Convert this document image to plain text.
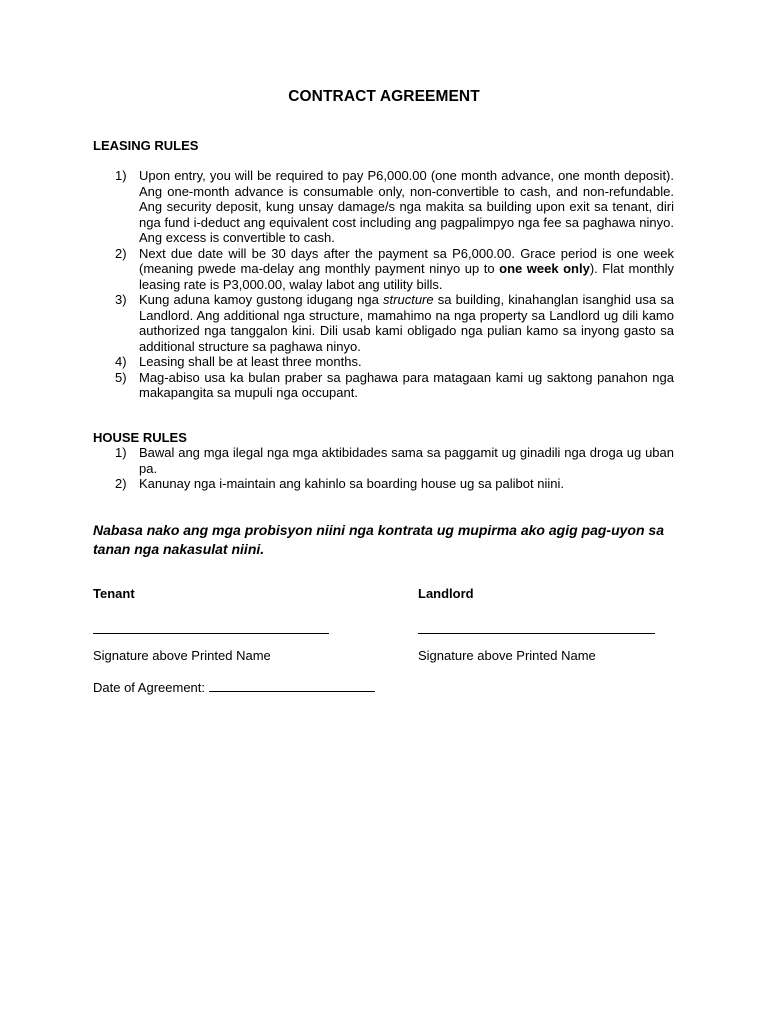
CONTRACT AGREEMENT
LEASING RULES
1) Upon entry, you will be required to pay P6,000.00 (one month advance, one month deposit). Ang one-month advance is consumable only, non-convertible to cash, and non-refundable. Ang security deposit, kung unsay damage/s nga makita sa building upon exit sa tenant, diri nga fund i-deduct ang equivalent cost including ang pagpalimpyo nga fee sa paghawa ninyo. Ang excess is convertible to cash.
2) Next due date will be 30 days after the payment sa P6,000.00. Grace period is one week (meaning pwede ma-delay ang monthly payment ninyo up to one week only). Flat monthly leasing rate is P3,000.00, walay labot ang utility bills.
3) Kung aduna kamoy gustong idugang nga structure sa building, kinahanglan isanghid usa sa Landlord. Ang additional nga structure, mamahimo na nga property sa Landlord ug dili kamo authorized nga tanggalon kini. Dili usab kami obligado nga pulian kamo sa inyong gasto sa additional structure sa paghawa ninyo.
4) Leasing shall be at least three months.
5) Mag-abiso usa ka bulan praber sa paghawa para matagaan kami ug saktong panahon nga makapangita sa mupuli nga occupant.
HOUSE RULES
1) Bawal ang mga ilegal nga mga aktibidades sama sa paggamit ug ginadili nga droga ug uban pa.
2) Kanunay nga i-maintain ang kahinlo sa boarding house ug sa palibot niini.
Nabasa nako ang mga probisyon niini nga kontrata ug mupirma ako agig pag-uyon sa tanan nga nakasulat niini.
Tenant	Landlord
Signature above Printed Name	Signature above Printed Name
Date of Agreement:
